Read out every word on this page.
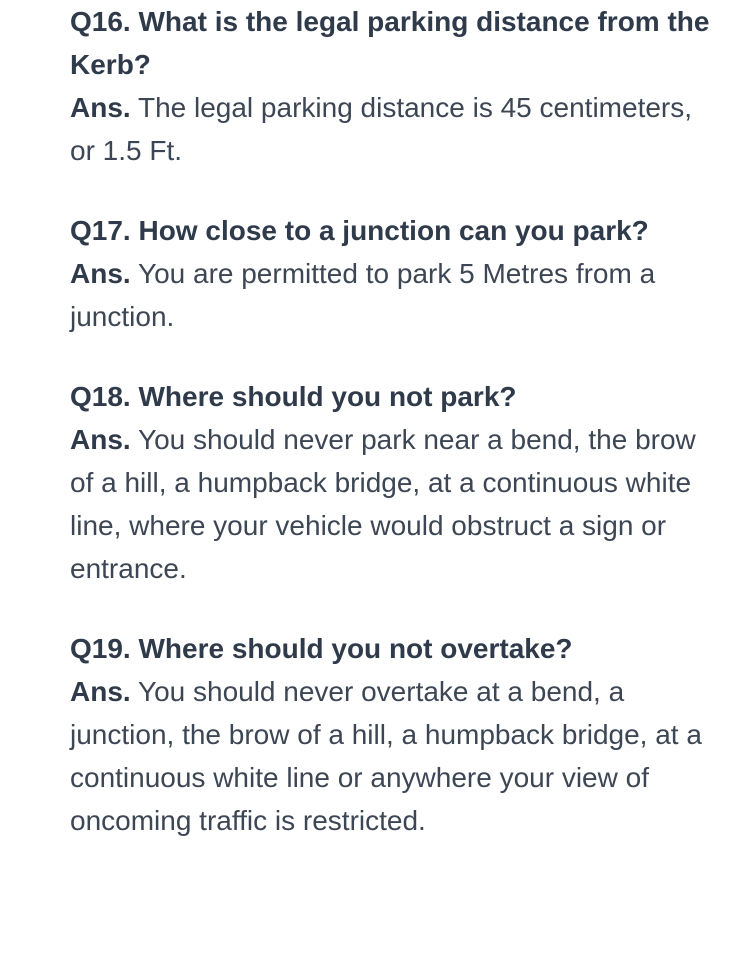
Q16. What is the legal parking distance from the Kerb?

Ans. The legal parking distance is 45 centimeters, or 1.5 Ft.

Q17. How close to a junction can you park?

Ans. You are permitted to park 5 Metres from a junction.

Q18. Where should you not park?

Ans. You should never park near a bend, the brow of a hill, a humpback bridge, at a continuous white line, where your vehicle would obstruct a sign or entrance.

Q19. Where should you not overtake?

Ans. You should never overtake at a bend, a junction, the brow of a hill, a humpback bridge, at a continuous white line or anywhere your view of oncoming traffic is restricted.
